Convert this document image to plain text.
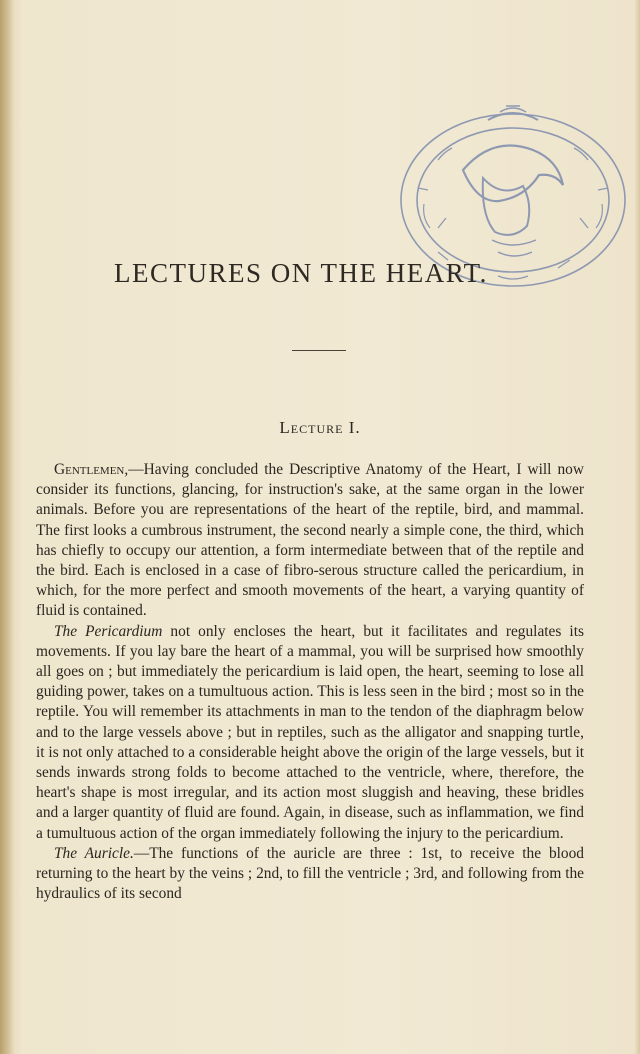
LECTURES ON THE HEART.
Lecture I.

Gentlemen,—Having concluded the Descriptive Anatomy of the Heart, I will now consider its functions, glancing, for instruction's sake, at the same organ in the lower animals. Before you are representations of the heart of the reptile, bird, and mammal. The first looks a cumbrous instrument, the second nearly a simple cone, the third, which has chiefly to occupy our attention, a form intermediate between that of the reptile and the bird. Each is enclosed in a case of fibro-serous structure called the pericardium, in which, for the more perfect and smooth movements of the heart, a varying quantity of fluid is contained.

The Pericardium not only encloses the heart, but it facilitates and regulates its movements. If you lay bare the heart of a mammal, you will be surprised how smoothly all goes on ; but immediately the pericardium is laid open, the heart, seeming to lose all guiding power, takes on a tumultuous action. This is less seen in the bird ; most so in the reptile. You will remember its attachments in man to the tendon of the diaphragm below and to the large vessels above ; but in reptiles, such as the alligator and snapping turtle, it is not only attached to a considerable height above the origin of the large vessels, but it sends inwards strong folds to become attached to the ventricle, where, therefore, the heart's shape is most irregular, and its action most sluggish and heaving, these bridles and a larger quantity of fluid are found. Again, in disease, such as inflammation, we find a tumultuous action of the organ immediately following the injury to the pericardium.

The Auricle.—The functions of the auricle are three : 1st, to receive the blood returning to the heart by the veins ; 2nd, to fill the ventricle ; 3rd, and following from the hydraulics of its second
